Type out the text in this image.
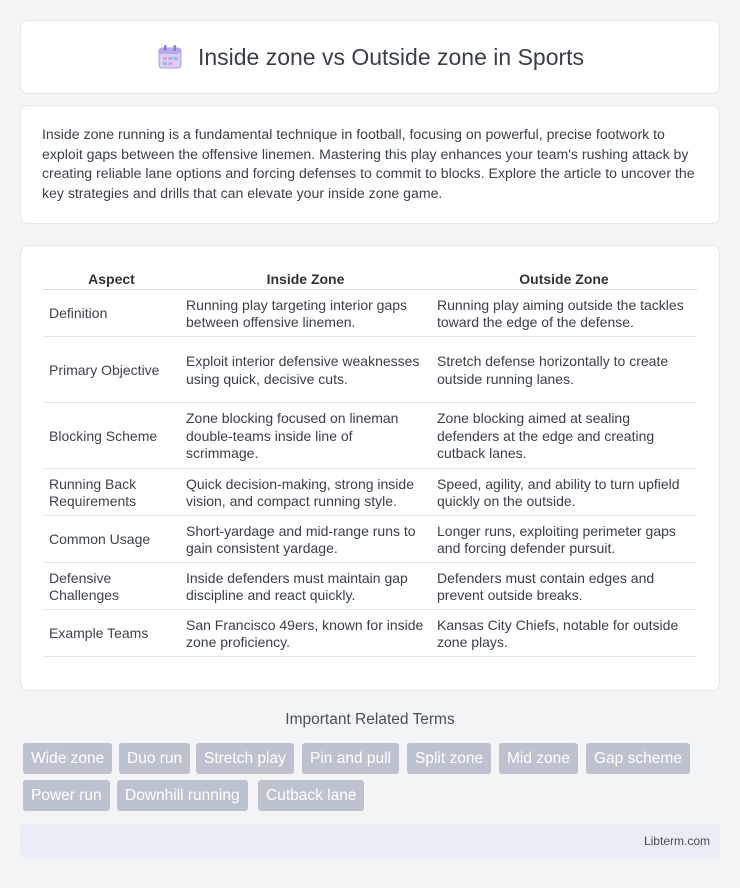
Inside zone vs Outside zone in Sports

Inside zone running is a fundamental technique in football, focusing on powerful, precise footwork to exploit gaps between the offensive linemen. Mastering this play enhances your team's rushing attack by creating reliable lane options and forcing defenses to commit to blocks. Explore the article to uncover the key strategies and drills that can elevate your inside zone game.

Aspect	Inside Zone	Outside Zone
Definition	Running play targeting interior gaps between offensive linemen.	Running play aiming outside the tackles toward the edge of the defense.
Primary Objective	Exploit interior defensive weaknesses using quick, decisive cuts.	Stretch defense horizontally to create outside running lanes.
Blocking Scheme	Zone blocking focused on lineman double-teams inside line of scrimmage.	Zone blocking aimed at sealing defenders at the edge and creating cutback lanes.
Running Back Requirements	Quick decision-making, strong inside vision, and compact running style.	Speed, agility, and ability to turn upfield quickly on the outside.
Common Usage	Short-yardage and mid-range runs to gain consistent yardage.	Longer runs, exploiting perimeter gaps and forcing defender pursuit.
Defensive Challenges	Inside defenders must maintain gap discipline and react quickly.	Defenders must contain edges and prevent outside breaks.
Example Teams	San Francisco 49ers, known for inside zone proficiency.	Kansas City Chiefs, notable for outside zone plays.
Important Related Terms
Wide zone	Duo run	Stretch play	Pin and pull	Split zone	Mid zone	Gap scheme
Power run	Downhill running	Cutback lane
Libterm.com
